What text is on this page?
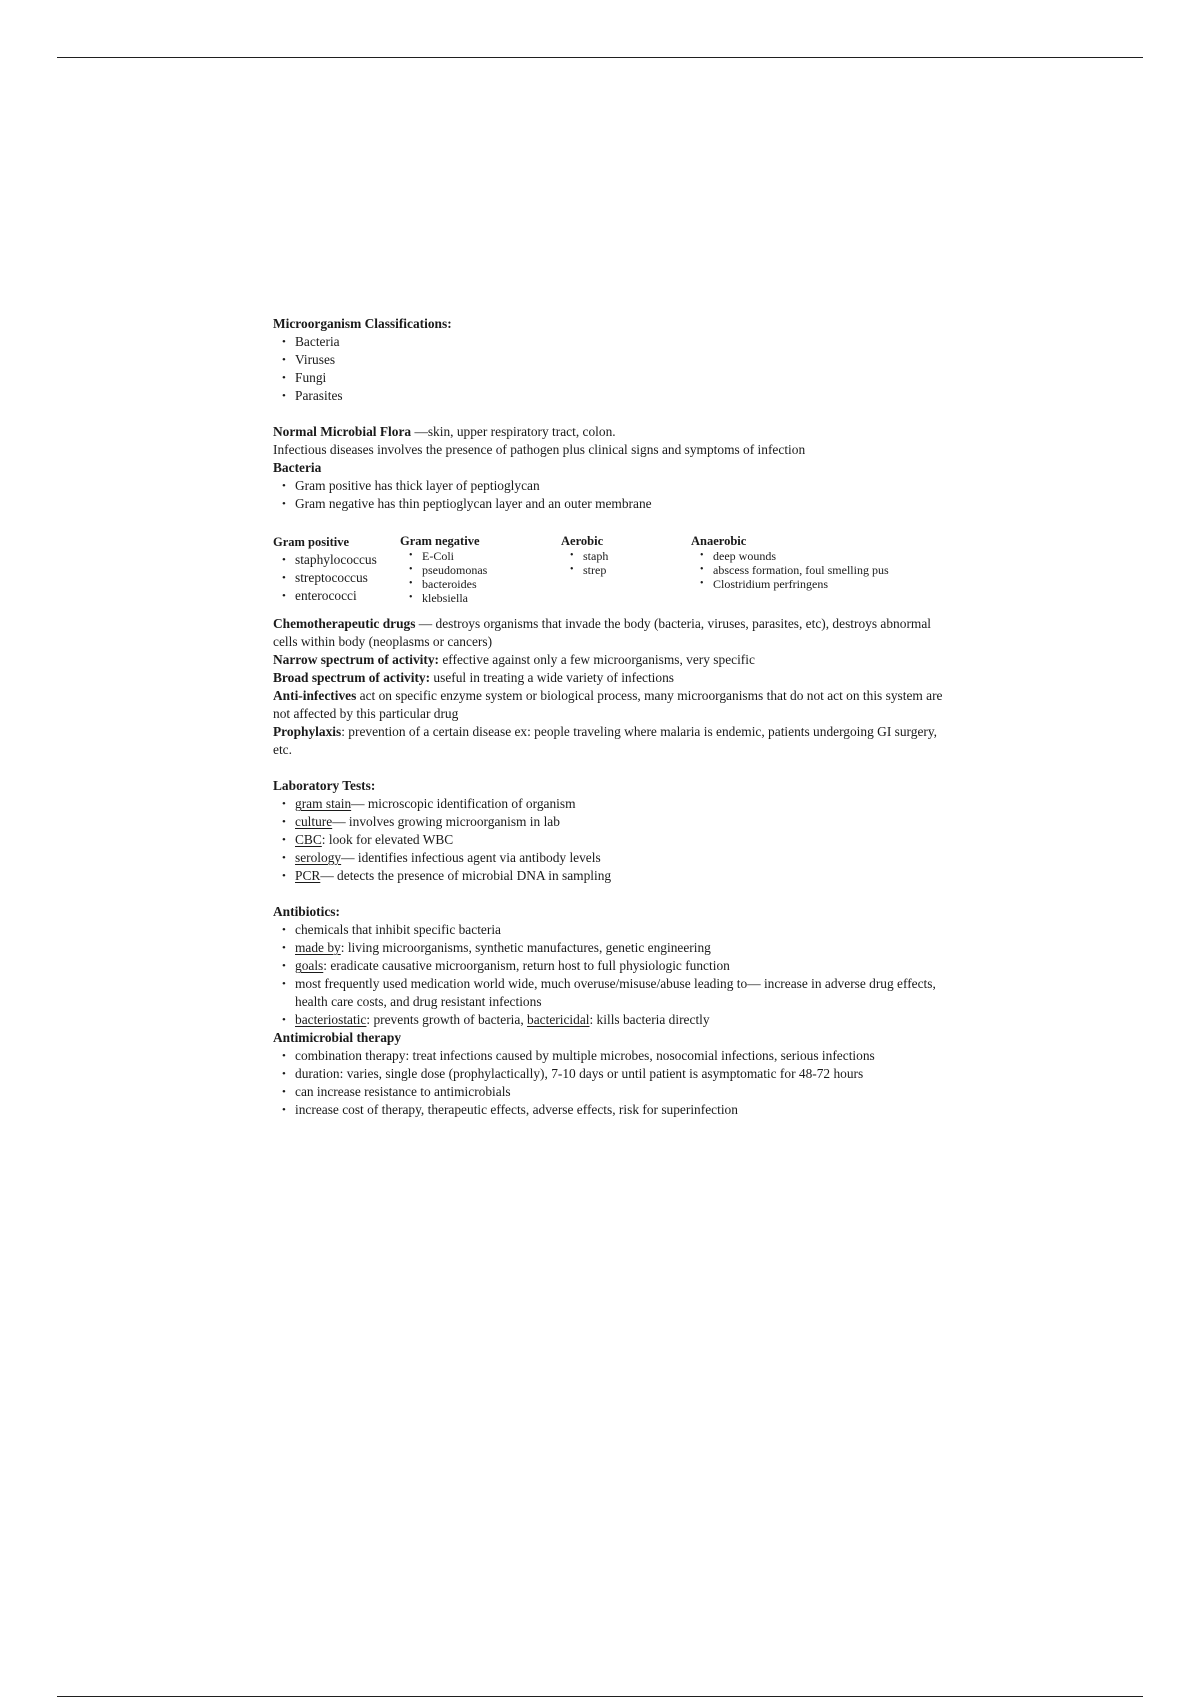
Microorganism Classifications:

• Bacteria
• Viruses
• Fungi
• Parasites

Normal Microbial Flora —skin, upper respiratory tract, colon.

Infectious diseases involves the presence of pathogen plus clinical signs and symptoms of infection

Bacteria

• Gram positive has thick layer of peptioglycan
• Gram negative has thin peptioglycan layer and an outer membrane
Gram positive
• staphylococcus
• streptococcus
• enterococci
Gram negative
• E-Coli
• pseudomonas
• bacteroides
• klebsiella
Aerobic
• staph
• strep
Anaerobic
• deep wounds
• abscess formation, foul smelling pus
• Clostridium perfringens

Chemotherapeutic drugs — destroys organisms that invade the body (bacteria, viruses, parasites, etc), destroys abnormal cells within body (neoplasms or cancers)

Narrow spectrum of activity: effective against only a few microorganisms, very specific

Broad spectrum of activity: useful in treating a wide variety of infections

Anti-infectives act on specific enzyme system or biological process, many microorganisms that do not act on this system are not affected by this particular drug

Prophylaxis: prevention of a certain disease ex: people traveling where malaria is endemic, patients undergoing GI surgery, etc.

Laboratory Tests:

• gram stain— microscopic identification of organism
• culture— involves growing microorganism in lab
• CBC: look for elevated WBC
• serology— identifies infectious agent via antibody levels
• PCR— detects the presence of microbial DNA in sampling

Antibiotics:

• chemicals that inhibit specific bacteria
• made by: living microorganisms, synthetic manufactures, genetic engineering
• goals: eradicate causative microorganism, return host to full physiologic function
• most frequently used medication world wide, much overuse/misuse/abuse leading to— increase in adverse drug effects, health care costs, and drug resistant infections
• bacteriostatic: prevents growth of bacteria, bactericidal: kills bacteria directly

Antimicrobial therapy

• combination therapy: treat infections caused by multiple microbes, nosocomial infections, serious infections
• duration: varies, single dose (prophylactically), 7-10 days or until patient is asymptomatic for 48-72 hours
• can increase resistance to antimicrobials
• increase cost of therapy, therapeutic effects, adverse effects, risk for superinfection
